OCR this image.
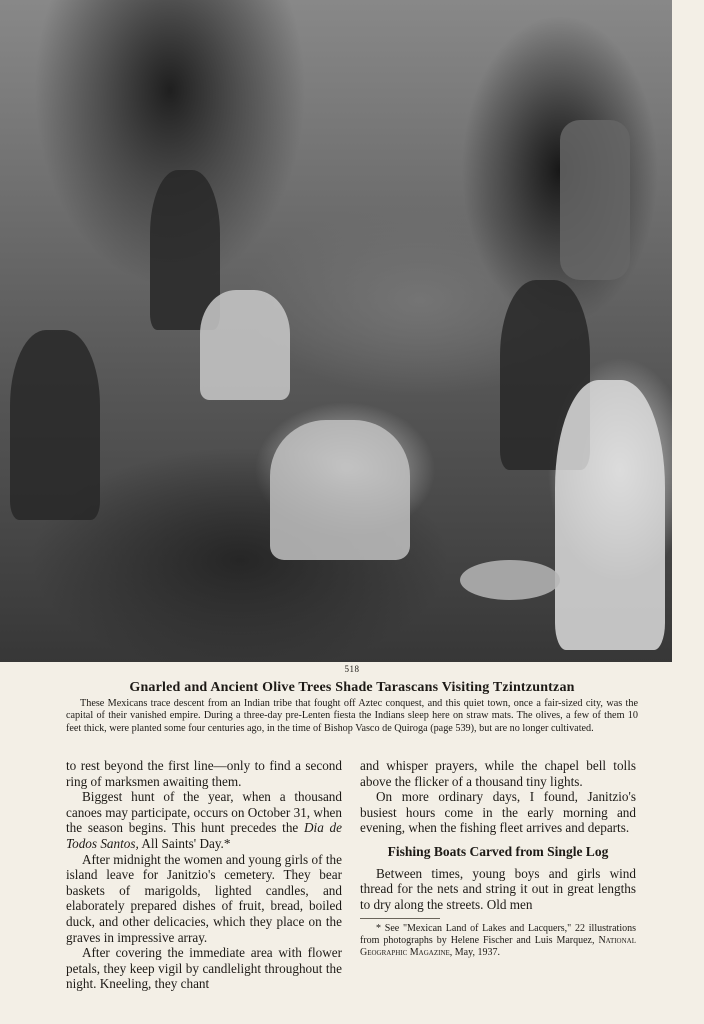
518
Gnarled and Ancient Olive Trees Shade Tarascans Visiting Tzintzuntzan
These Mexicans trace descent from an Indian tribe that fought off Aztec conquest, and this quiet town, once a fair-sized city, was the capital of their vanished empire. During a three-day pre-Lenten fiesta the Indians sleep here on straw mats. The olives, a few of them 10 feet thick, were planted some four centuries ago, in the time of Bishop Vasco de Quiroga (page 539), but are no longer cultivated.

to rest beyond the first line—only to find a second ring of marksmen awaiting them.

Biggest hunt of the year, when a thousand canoes may participate, occurs on October 31, when the season begins. This hunt precedes the Dia de Todos Santos, All Saints' Day.*

After midnight the women and young girls of the island leave for Janitzio's cemetery. They bear baskets of marigolds, lighted candles, and elaborately prepared dishes of fruit, bread, boiled duck, and other delicacies, which they place on the graves in impressive array.

After covering the immediate area with flower petals, they keep vigil by candlelight throughout the night. Kneeling, they chant

and whisper prayers, while the chapel bell tolls above the flicker of a thousand tiny lights.

On more ordinary days, I found, Janitzio's busiest hours come in the early morning and evening, when the fishing fleet arrives and departs.

Fishing Boats Carved from Single Log

Between times, young boys and girls wind thread for the nets and string it out in great lengths to dry along the streets. Old men

* See "Mexican Land of Lakes and Lacquers," 22 illustrations from photographs by Helene Fischer and Luis Marquez, National Geographic Magazine, May, 1937.
